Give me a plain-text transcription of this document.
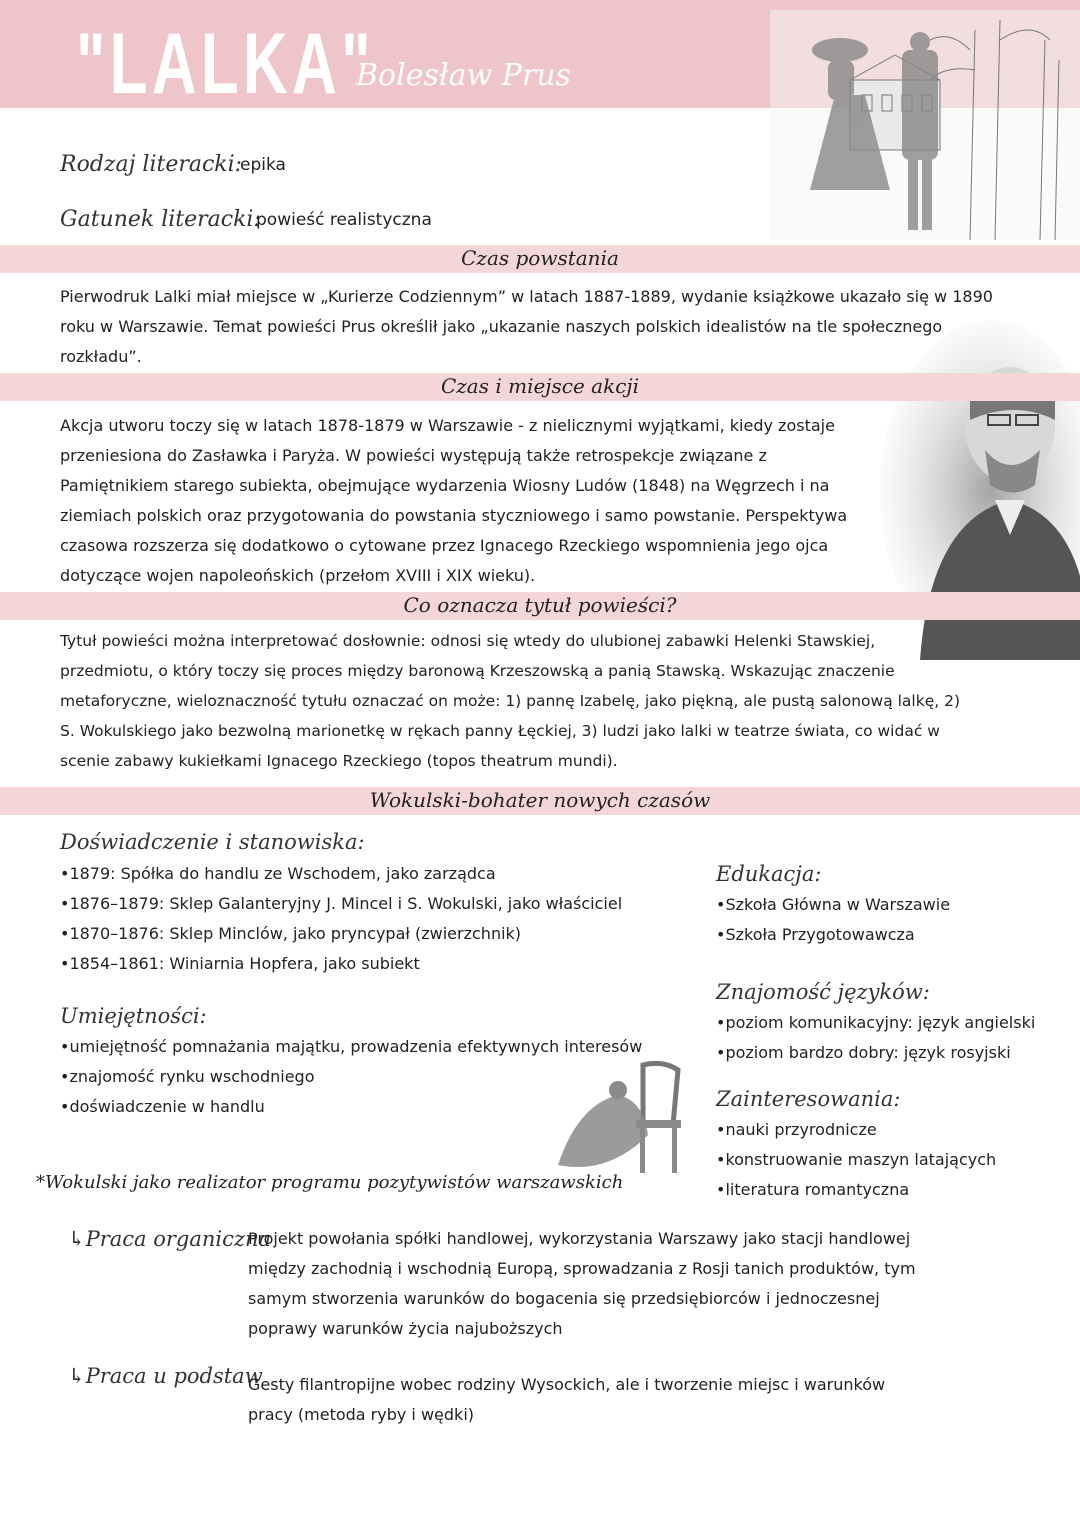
"LALKA"
Bolesław Prus
Rodzaj literacki:
epika
Gatunek literacki:
powieść realistyczna
Czas powstania
Pierwodruk Lalki miał miejsce w „Kurierze Codziennym” w latach 1887-1889, wydanie książkowe ukazało się w 1890
roku w Warszawie. Temat powieści Prus określił jako „ukazanie naszych polskich idealistów na tle społecznego
rozkładu”.
Czas i miejsce akcji
Akcja utworu toczy się w latach 1878-1879 w Warszawie - z nielicznymi wyjątkami, kiedy zostaje
przeniesiona do Zasławka i Paryża. W powieści występują także retrospekcje związane z
Pamiętnikiem starego subiekta, obejmujące wydarzenia Wiosny Ludów (1848) na Węgrzech i na
ziemiach polskich oraz przygotowania do powstania styczniowego i samo powstanie. Perspektywa
czasowa rozszerza się dodatkowo o cytowane przez Ignacego Rzeckiego wspomnienia jego ojca
dotyczące wojen napoleońskich (przełom XVIII i XIX wieku).
Co oznacza tytuł powieści?
Tytuł powieści można interpretować dosłownie: odnosi się wtedy do ulubionej zabawki Helenki Stawskiej,
przedmiotu, o który toczy się proces między baronową Krzeszowską a panią Stawską. Wskazując znaczenie
metaforyczne, wieloznaczność tytułu oznaczać on może: 1) pannę Izabelę, jako piękną, ale pustą salonową lalkę, 2)
S. Wokulskiego jako bezwolną marionetkę w rękach panny Łęckiej, 3) ludzi jako lalki w teatrze świata, co widać w
scenie zabawy kukiełkami Ignacego Rzeckiego (topos theatrum mundi).
Wokulski-bohater nowych czasów
Doświadczenie i stanowiska:
• 1879: Spółka do handlu ze Wschodem, jako zarządca
• 1876–1879: Sklep Galanteryjny J. Mincel i S. Wokulski, jako właściciel
• 1870–1876: Sklep Minclów, jako pryncypał (zwierzchnik)
• 1854–1861: Winiarnia Hopfera, jako subiekt
Umiejętności:
• umiejętność pomnażania majątku, prowadzenia efektywnych interesów
• znajomość rynku wschodniego
• doświadczenie w handlu
Edukacja:
• Szkoła Główna w Warszawie
• Szkoła Przygotowawcza
Znajomość języków:
• poziom komunikacyjny: język angielski
• poziom bardzo dobry: język rosyjski
Zainteresowania:
• nauki przyrodnicze
• konstruowanie maszyn latających
• literatura romantyczna
*Wokulski jako realizator programu pozytywistów warszawskich
↳Praca organiczna
Projekt powołania spółki handlowej, wykorzystania Warszawy jako stacji handlowej
między zachodnią i wschodnią Europą, sprowadzania z Rosji tanich produktów, tym
samym stworzenia warunków do bogacenia się przedsiębiorców i jednoczesnej
poprawy warunków życia najuboższych
↳Praca u podstaw
Gesty filantropijne wobec rodziny Wysockich, ale i tworzenie miejsc i warunków
pracy (metoda ryby i wędki)
